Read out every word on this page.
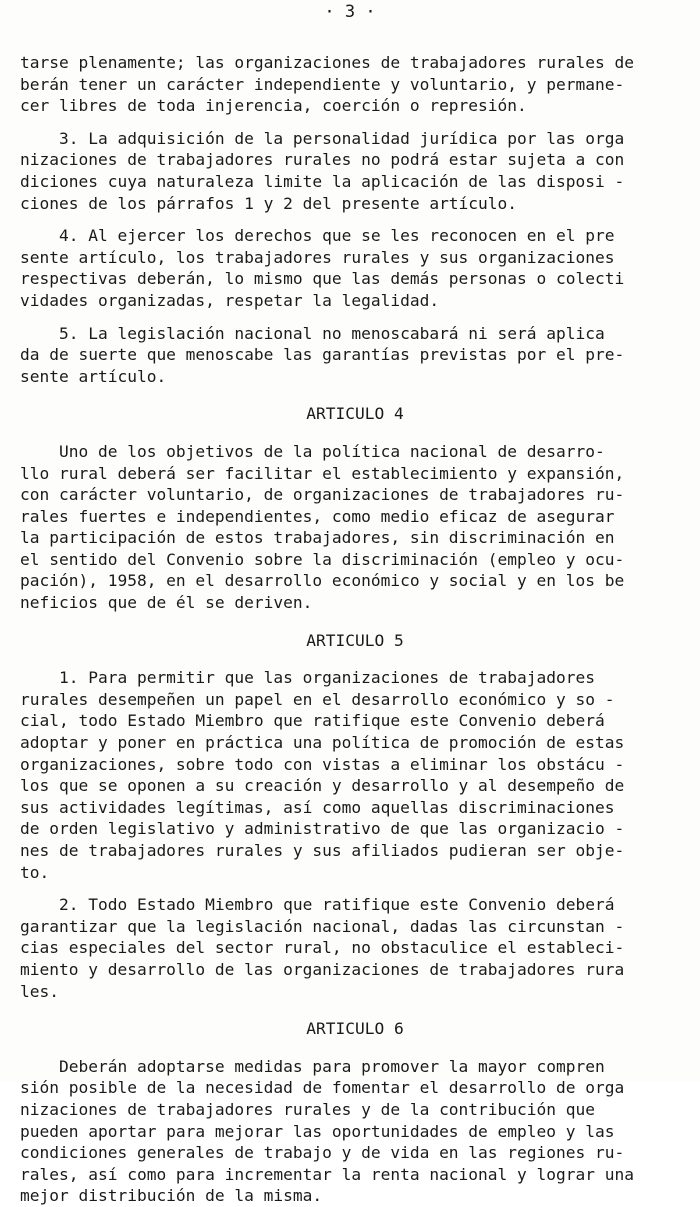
· 3 ·
tarse plenamente; las organizaciones de trabajadores rurales de
berán tener un carácter independiente y voluntario, y permane-
cer libres de toda injerencia, coerción o represión.
3. La adquisición de la personalidad jurídica por las orga
nizaciones de trabajadores rurales no podrá estar sujeta a con
diciones cuya naturaleza limite la aplicación de las disposi -
ciones de los párrafos 1 y 2 del presente artículo.
4. Al ejercer los derechos que se les reconocen en el pre
sente artículo, los trabajadores rurales y sus organizaciones
respectivas deberán, lo mismo que las demás personas o colecti
vidades organizadas, respetar la legalidad.
5. La legislación nacional no menoscabará ni será aplica
da de suerte que menoscabe las garantías previstas por el pre-
sente artículo.
ARTICULO 4
Uno de los objetivos de la política nacional de desarro-
llo rural deberá ser facilitar el establecimiento y expansión,
con carácter voluntario, de organizaciones de trabajadores ru-
rales fuertes e independientes, como medio eficaz de asegurar
la participación de estos trabajadores, sin discriminación en
el sentido del Convenio sobre la discriminación (empleo y ocu-
pación), 1958, en el desarrollo económico y social y en los be
neficios que de él se deriven.
ARTICULO 5
1. Para permitir que las organizaciones de trabajadores
rurales desempeñen un papel en el desarrollo económico y so -
cial, todo Estado Miembro que ratifique este Convenio deberá
adoptar y poner en práctica una política de promoción de estas
organizaciones, sobre todo con vistas a eliminar los obstácu -
los que se oponen a su creación y desarrollo y al desempeño de
sus actividades legítimas, así como aquellas discriminaciones
de orden legislativo y administrativo de que las organizacio -
nes de trabajadores rurales y sus afiliados pudieran ser obje-
to.
2. Todo Estado Miembro que ratifique este Convenio deberá
garantizar que la legislación nacional, dadas las circunstan -
cias especiales del sector rural, no obstaculice el estableci-
miento y desarrollo de las organizaciones de trabajadores rura
les.
ARTICULO 6
Deberán adoptarse medidas para promover la mayor compren
sión posible de la necesidad de fomentar el desarrollo de orga
nizaciones de trabajadores rurales y de la contribución que
pueden aportar para mejorar las oportunidades de empleo y las
condiciones generales de trabajo y de vida en las regiones ru-
rales, así como para incrementar la renta nacional y lograr una
mejor distribución de la misma.
